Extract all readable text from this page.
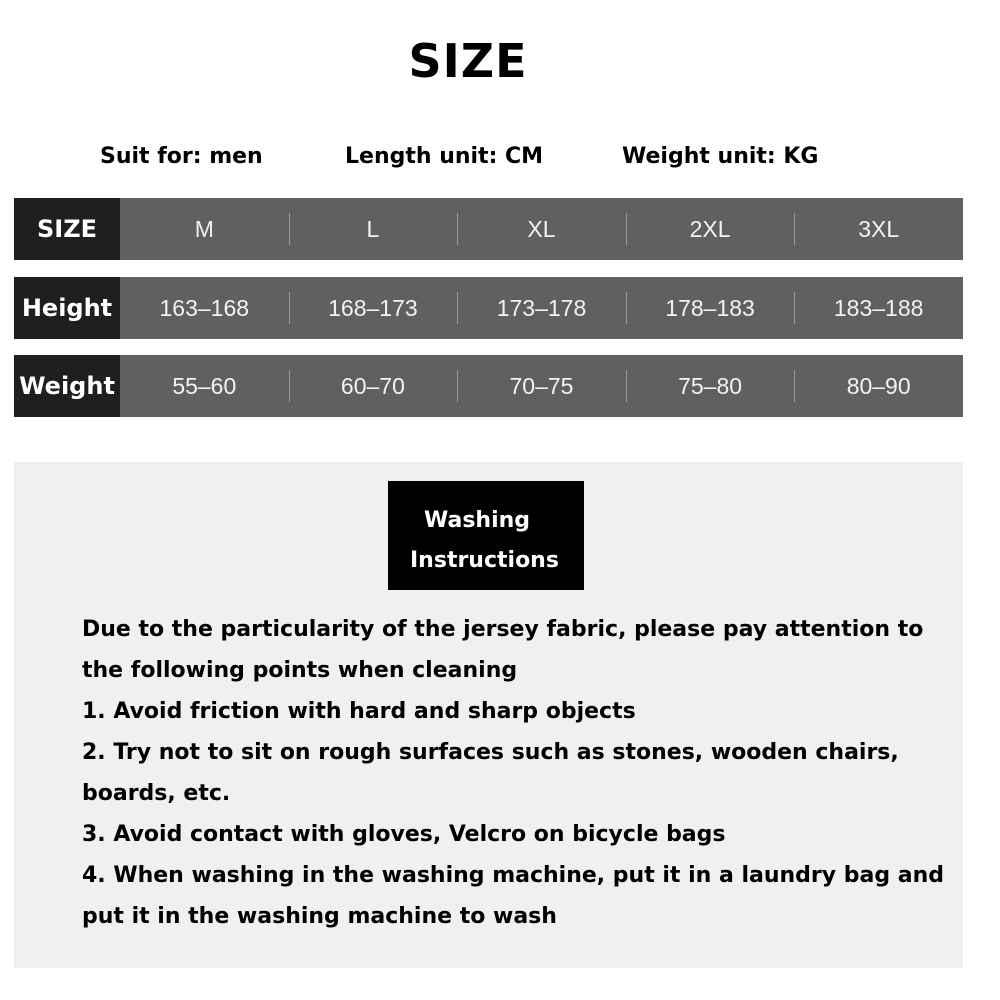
SIZE
Suit for: men	Length unit: CM	Weight unit: KG
SIZE	M	L	XL	2XL	3XL
Height	163–168	168–173	173–178	178–183	183–188
Weight	55–60	60–70	70–75	75–80	80–90
Washing
Instructions

Due to the particularity of the jersey fabric, please pay attention to the following points when cleaning

1. Avoid friction with hard and sharp objects

2. Try not to sit on rough surfaces such as stones, wooden chairs, boards, etc.

3. Avoid contact with gloves, Velcro on bicycle bags

4. When washing in the washing machine, put it in a laundry bag and put it in the washing machine to wash
